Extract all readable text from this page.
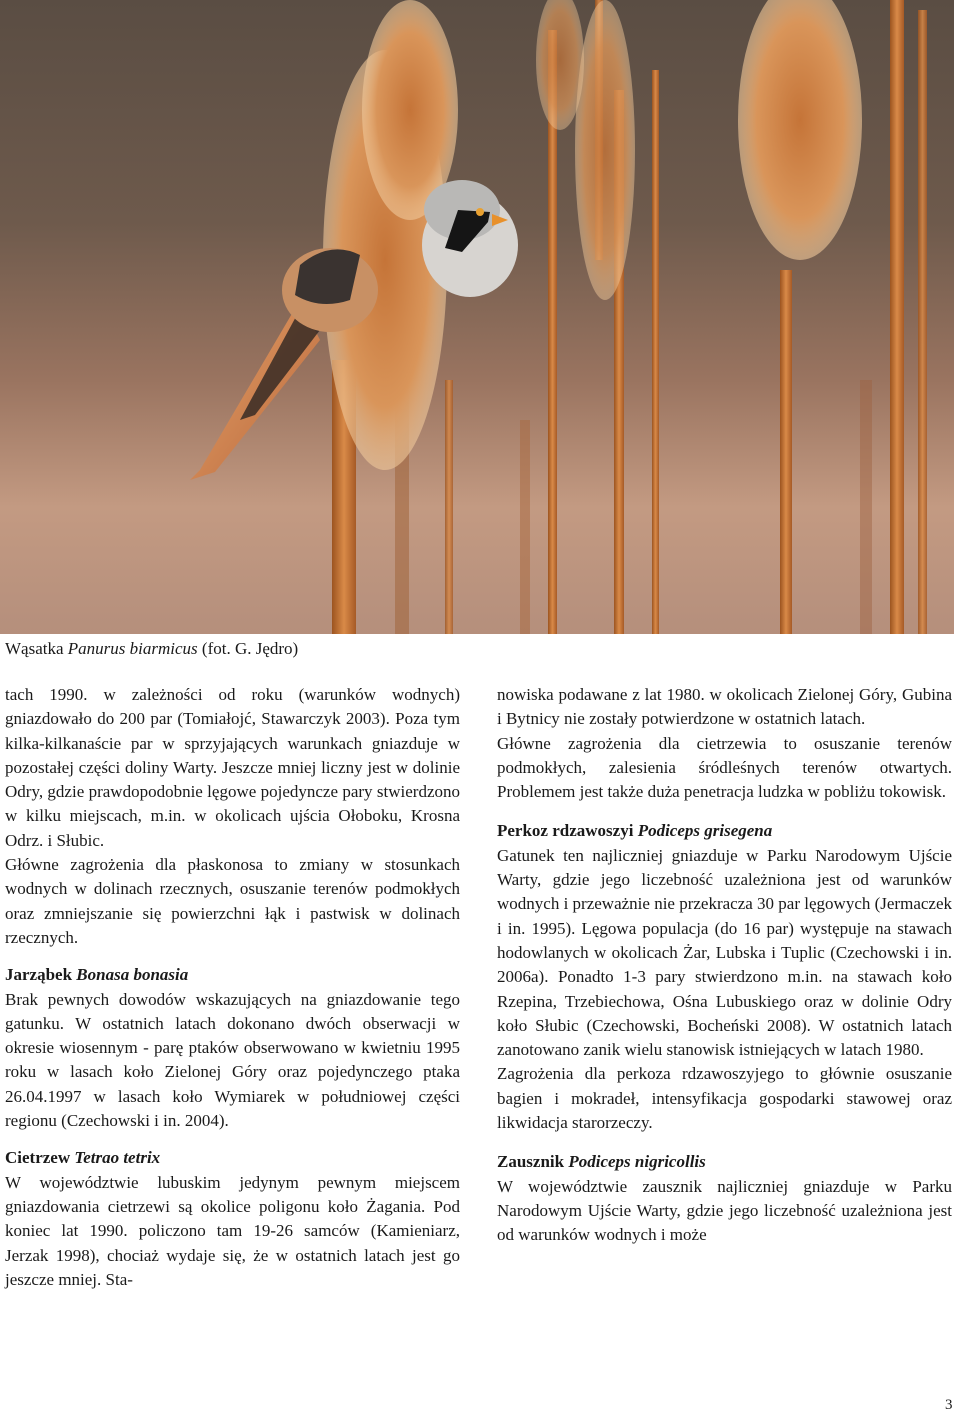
Wąsatka Panurus biarmicus (fot. G. Jędro)

tach 1990. w zależności od roku (warunków wodnych) gniazdowało do 200 par (Tomiałojć, Stawarczyk 2003). Poza tym kilka-kilkanaście par w sprzyjających warunkach gniazduje w pozostałej części doliny Warty. Jeszcze mniej liczny jest w dolinie Odry, gdzie prawdopodobnie lęgowe pojedyncze pary stwierdzono w kilku miejscach, m.in. w okolicach ujścia Ołoboku, Krosna Odrz. i Słubic.

Główne zagrożenia dla płaskonosa to zmiany w stosunkach wodnych w dolinach rzecznych, osuszanie terenów podmokłych oraz zmniejszanie się powierzchni łąk i pastwisk w dolinach rzecznych.

Jarząbek Bonasa bonasia

Brak pewnych dowodów wskazujących na gniazdowanie tego gatunku. W ostatnich latach dokonano dwóch obserwacji w okresie wiosennym - parę ptaków obserwowano w kwietniu 1995 roku w lasach koło Zielonej Góry oraz pojedynczego ptaka 26.04.1997 w lasach koło Wymiarek w południowej części regionu (Czechowski i in. 2004).

Cietrzew Tetrao tetrix

W województwie lubuskim jedynym pewnym miejscem gniazdowania cietrzewi są okolice poligonu koło Żagania. Pod koniec lat 1990. policzono tam 19-26 samców (Kamieniarz, Jerzak 1998), chociaż wydaje się, że w ostatnich latach jest go jeszcze mniej. Sta-

nowiska podawane z lat 1980. w okolicach Zielonej Góry, Gubina i Bytnicy nie zostały potwierdzone w ostatnich latach.

Główne zagrożenia dla cietrzewia to osuszanie terenów podmokłych, zalesienia śródleśnych terenów otwartych. Problemem jest także duża penetracja ludzka w pobliżu tokowisk.

Perkoz rdzawoszyi Podiceps grisegena

Gatunek ten najliczniej gniazduje w Parku Narodowym Ujście Warty, gdzie jego liczebność uzależniona jest od warunków wodnych i przeważnie nie przekracza 30 par lęgowych (Jermaczek i in. 1995). Lęgowa populacja (do 16 par) występuje na stawach hodowlanych w okolicach Żar, Lubska i Tuplic (Czechowski i in. 2006a). Ponadto 1-3 pary stwierdzono m.in. na stawach koło Rzepina, Trzebiechowa, Ośna Lubuskiego oraz w dolinie Odry koło Słubic (Czechowski, Bocheński 2008). W ostatnich latach zanotowano zanik wielu stanowisk istniejących w latach 1980.

Zagrożenia dla perkoza rdzawoszyjego to głównie osuszanie bagien i mokradeł, intensyfikacja gospodarki stawowej oraz likwidacja starorzeczy.

Zausznik Podiceps nigricollis

W województwie zausznik najliczniej gniazduje w Parku Narodowym Ujście Warty, gdzie jego liczebność uzależniona jest od warunków wodnych i może

3
